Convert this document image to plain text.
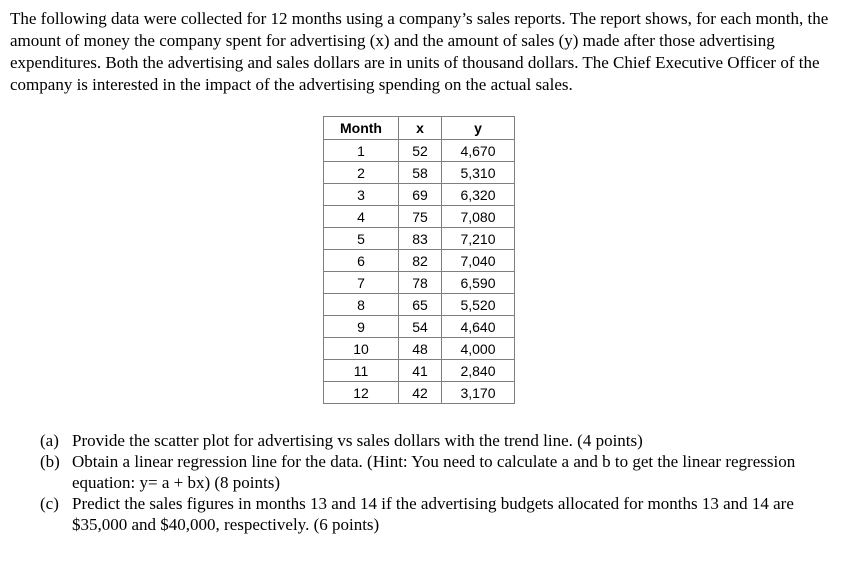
The following data were collected for 12 months using a company’s sales reports. The report shows, for each month, the amount of money the company spent for advertising (x) and the amount of sales (y) made after those advertising expenditures. Both the advertising and sales dollars are in units of thousand dollars. The Chief Executive Officer of the company is interested in the impact of the advertising spending on the actual sales.

Month	x	y
1	52	4,670
2	58	5,310
3	69	6,320
4	75	7,080
5	83	7,210
6	82	7,040
7	78	6,590
8	65	5,520
9	54	4,640
10	48	4,000
11	41	2,840
12	42	3,170
(a) Provide the scatter plot for advertising vs sales dollars with the trend line. (4 points)
(b) Obtain a linear regression line for the data. (Hint: You need to calculate a and b to get the linear regression equation: y= a + bx) (8 points)
(c) Predict the sales figures in months 13 and 14 if the advertising budgets allocated for months 13 and 14 are $35,000 and $40,000, respectively. (6 points)
